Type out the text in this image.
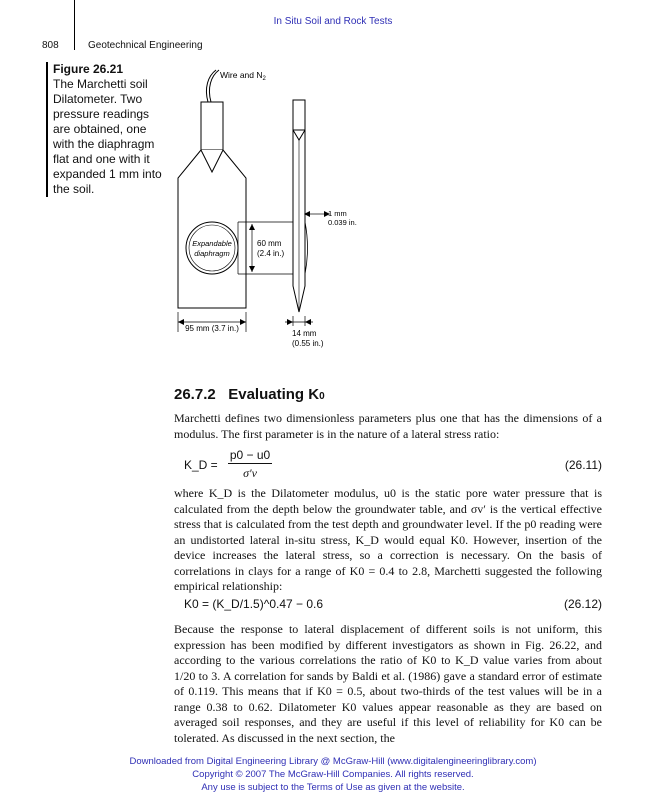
In Situ Soil and Rock Tests
808	Geotechnical Engineering
Figure 26.21
The Marchetti soil Dilatometer. Two pressure readings are obtained, one with the diaphragm flat and one with it expanded 1 mm into the soil.
Wire and $N_2$
Expandable
diaphragm
60 mm
(2.4 in.)
1 mm
0.039 in.
95 mm (3.7 in.)
14 mm
(0.55 in.)
26.7.2 Evaluating K0

Marchetti defines two dimensionless parameters plus one that has the dimensions of a modulus. The first parameter is in the nature of a lateral stress ratio:

K_D = $\frac{p0 - u0}{\sigma'v}$	(26.11)

where K_D is the Dilatometer modulus, u0 is the static pore water pressure that is calculated from the depth below the groundwater table, and σv′ is the vertical effective stress that is calculated from the test depth and groundwater level. If the p0 reading were an undistorted lateral in-situ stress, K_D would equal K0. However, insertion of the device increases the lateral stress, so a correction is necessary. On the basis of correlations in clays for a range of K0 = 0.4 to 2.8, Marchetti suggested the following empirical relationship:

K0 = (K_D/1.5)^0.47 − 0.6	(26.12)

Because the response to lateral displacement of different soils is not uniform, this expression has been modified by different investigators as shown in Fig. 26.22, and according to the various correlations the ratio of K0 to K_D value varies from about 1/20 to 3. A correlation for sands by Baldi et al. (1986) gave a standard error of estimate of 0.119. This means that if K0 = 0.5, about two-thirds of the test values will be in a range 0.38 to 0.62. Dilatometer K0 values appear reasonable as they are based on averaged soil responses, and they are useful if this level of reliability for K0 can be tolerated. As discussed in the next section, the

Downloaded from Digital Engineering Library @ McGraw-Hill (www.digitalengineeringlibrary.com)
Copyright © 2007 The McGraw-Hill Companies. All rights reserved.
Any use is subject to the Terms of Use as given at the website.
